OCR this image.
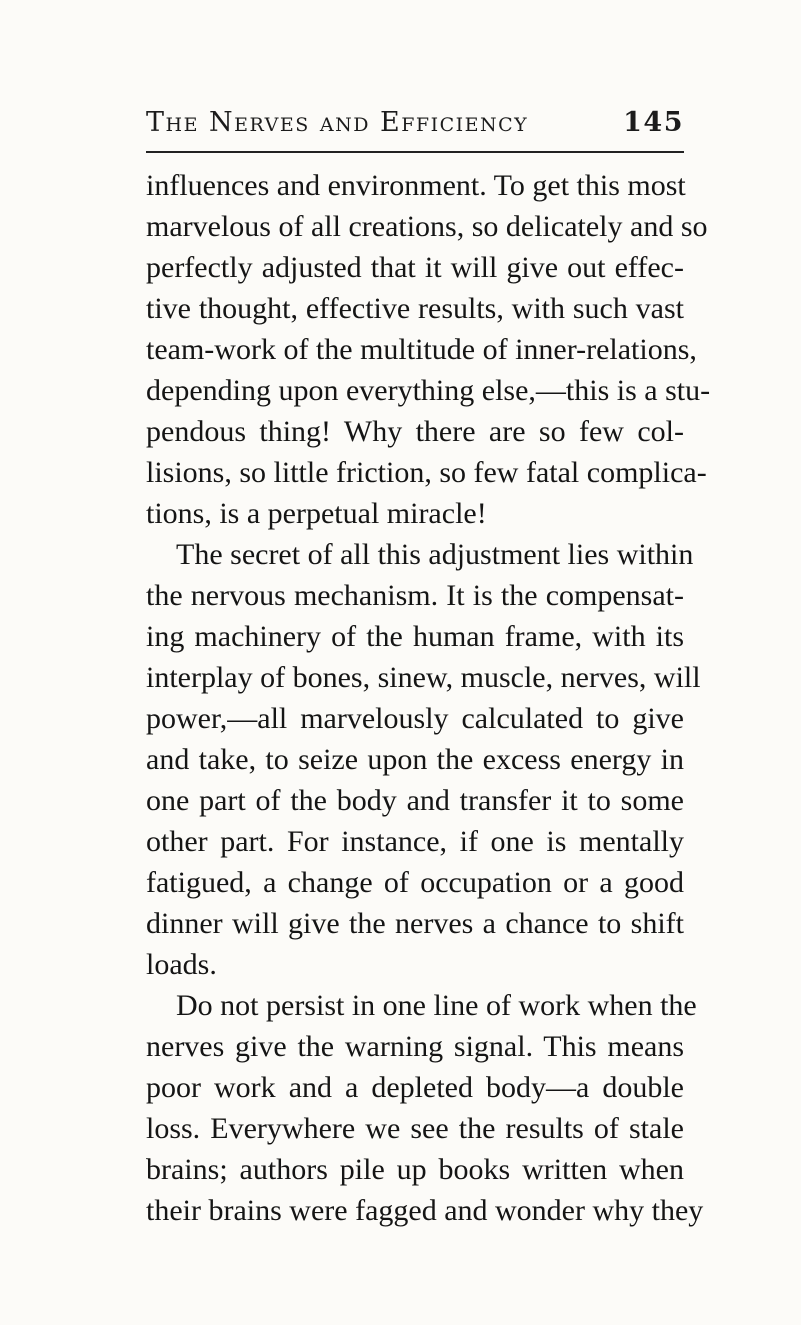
The Nerves and Efficiency	145
influences and environment. To get this most
marvelous of all creations, so delicately and so
perfectly adjusted that it will give out effec-
tive thought, effective results, with such vast
team-work of the multitude of inner-relations,
depending upon everything else,—this is a stu-
pendous thing! Why there are so few col-
lisions, so little friction, so few fatal complica-
tions, is a perpetual miracle!
The secret of all this adjustment lies within
the nervous mechanism. It is the compensat-
ing machinery of the human frame, with its
interplay of bones, sinew, muscle, nerves, will
power,—all marvelously calculated to give
and take, to seize upon the excess energy in
one part of the body and transfer it to some
other part. For instance, if one is mentally
fatigued, a change of occupation or a good
dinner will give the nerves a chance to shift
loads.
Do not persist in one line of work when the
nerves give the warning signal. This means
poor work and a depleted body—a double
loss. Everywhere we see the results of stale
brains; authors pile up books written when
their brains were fagged and wonder why they
